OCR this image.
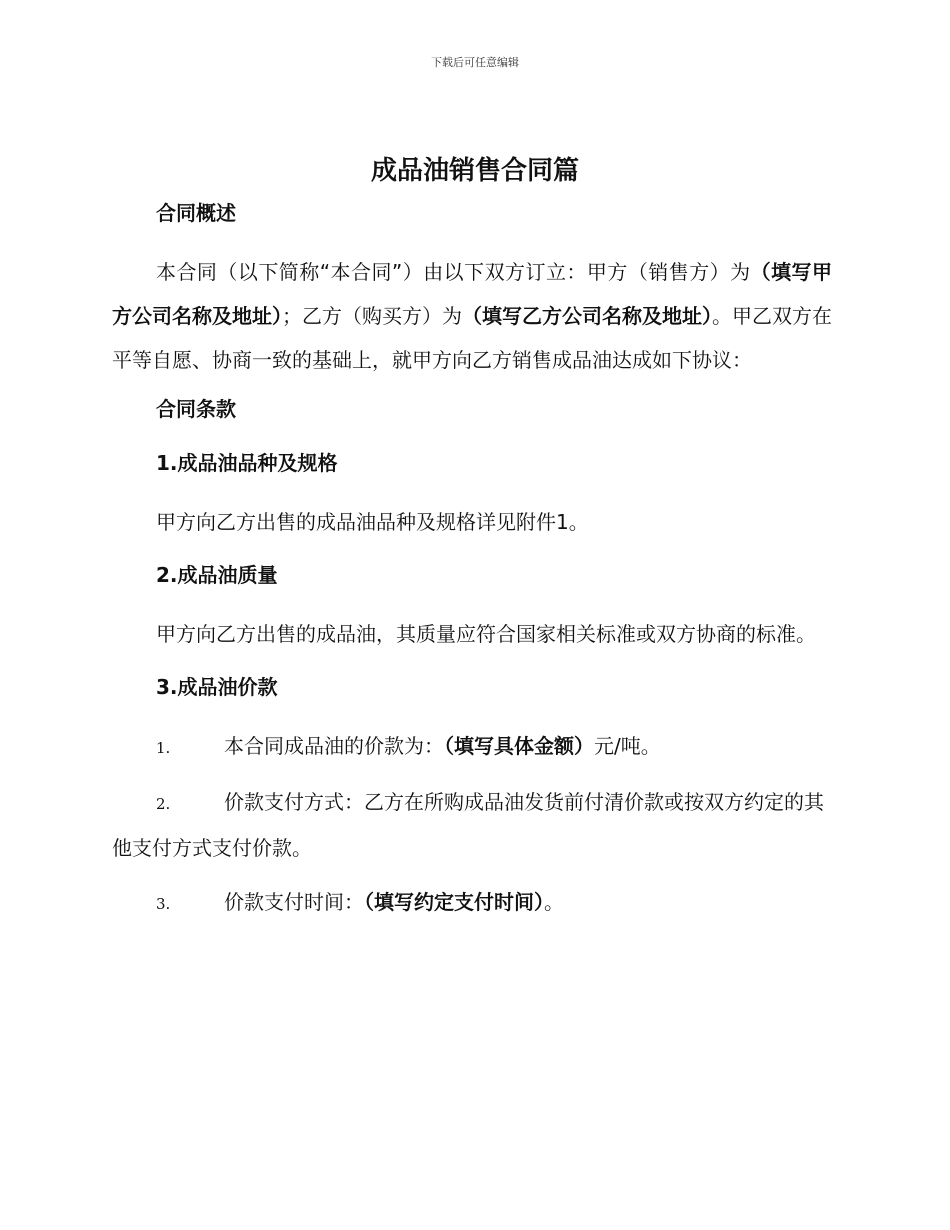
下载后可任意编辑
成品油销售合同篇
合同概述
本合同（以下简称“本合同”）由以下双方订立：甲方（销售方）为（填写甲方公司名称及地址）；乙方（购买方）为（填写乙方公司名称及地址）。甲乙双方在平等自愿、协商一致的基础上，就甲方向乙方销售成品油达成如下协议：
合同条款
1.成品油品种及规格
甲方向乙方出售的成品油品种及规格详见附件1。
2.成品油质量
甲方向乙方出售的成品油，其质量应符合国家相关标准或双方协商的标准。
3.成品油价款
1.	本合同成品油的价款为：（填写具体金额）元/吨。
2.	价款支付方式：乙方在所购成品油发货前付清价款或按双方约定的其他支付方式支付价款。
3.	价款支付时间：（填写约定支付时间）。
